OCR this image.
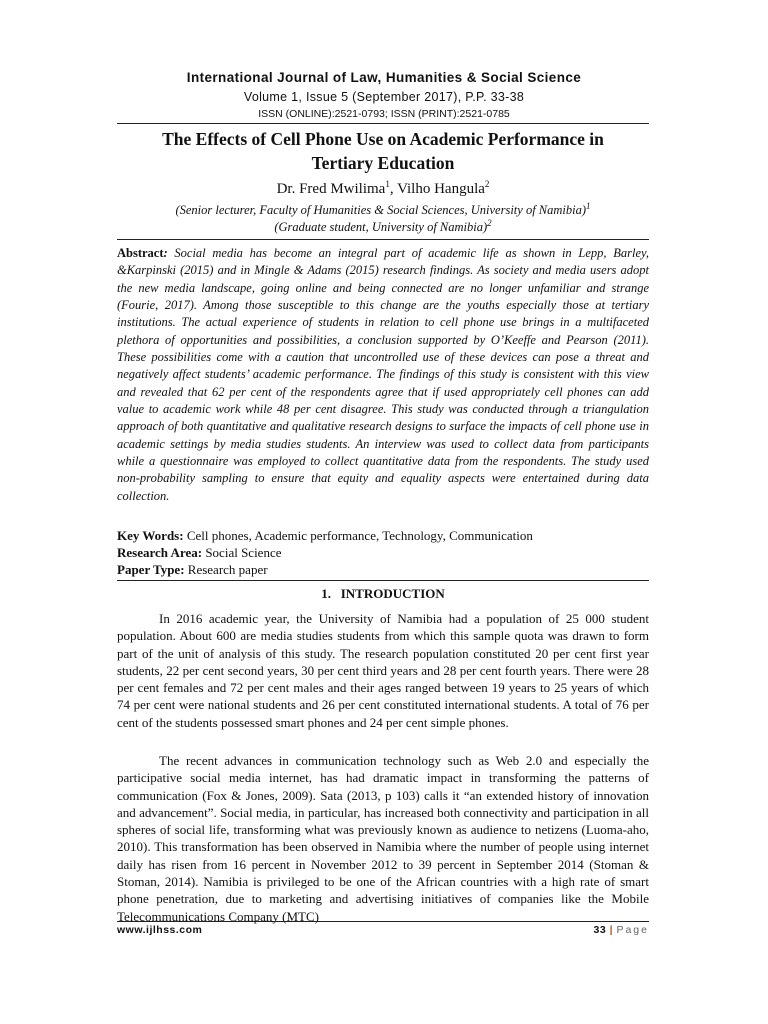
International Journal of Law, Humanities & Social Science
Volume 1, Issue 5 (September 2017), P.P. 33-38
ISSN (ONLINE):2521-0793; ISSN (PRINT):2521-0785
The Effects of Cell Phone Use on Academic Performance in
Tertiary Education
Dr. Fred Mwilima$^1$, Vilho Hangula$^2$
(Senior lecturer, Faculty of Humanities & Social Sciences, University of Namibia)$^1$
(Graduate student, University of Namibia)$^2$
Abstract: Social media has become an integral part of academic life as shown in Lepp, Barley, &Karpinski (2015) and in Mingle & Adams (2015) research findings. As society and media users adopt the new media landscape, going online and being connected are no longer unfamiliar and strange (Fourie, 2017). Among those susceptible to this change are the youths especially those at tertiary institutions. The actual experience of students in relation to cell phone use brings in a multifaceted plethora of opportunities and possibilities, a conclusion supported by O’Keeffe and Pearson (2011). These possibilities come with a caution that uncontrolled use of these devices can pose a threat and negatively affect students’ academic performance. The findings of this study is consistent with this view and revealed that 62 per cent of the respondents agree that if used appropriately cell phones can add value to academic work while 48 per cent disagree. This study was conducted through a triangulation approach of both quantitative and qualitative research designs to surface the impacts of cell phone use in academic settings by media studies students. An interview was used to collect data from participants while a questionnaire was employed to collect quantitative data from the respondents. The study used non-probability sampling to ensure that equity and equality aspects were entertained during data collection.
Key Words: Cell phones, Academic performance, Technology, Communication
Research Area: Social Science
Paper Type: Research paper
1.   INTRODUCTION

In 2016 academic year, the University of Namibia had a population of 25 000 student population. About 600 are media studies students from which this sample quota was drawn to form part of the unit of analysis of this study. The research population constituted 20 per cent first year students, 22 per cent second years, 30 per cent third years and 28 per cent fourth years. There were 28 per cent females and 72 per cent males and their ages ranged between 19 years to 25 years of which 74 per cent were national students and 26 per cent constituted international students. A total of 76 per cent of the students possessed smart phones and 24 per cent simple phones.

The recent advances in communication technology such as Web 2.0 and especially the participative social media internet, has had dramatic impact in transforming the patterns of communication (Fox & Jones, 2009). Sata (2013, p 103) calls it “an extended history of innovation and advancement”. Social media, in particular, has increased both connectivity and participation in all spheres of social life, transforming what was previously known as audience to netizens (Luoma-aho, 2010). This transformation has been observed in Namibia where the number of people using internet daily has risen from 16 percent in November 2012 to 39 percent in September 2014 (Stoman & Stoman, 2014). Namibia is privileged to be one of the African countries with a high rate of smart phone penetration, due to marketing and advertising initiatives of companies like the Mobile Telecommunications Company (MTC)

www.ijlhss.com	33 | Page
